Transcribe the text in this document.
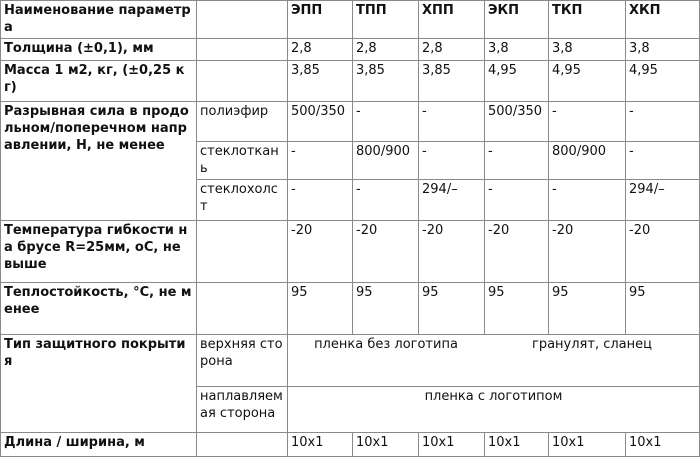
Наименование параметра		ЭПП	ТПП	ХПП	ЭКП	ТКП	ХКП
Толщина (±0,1), мм		2,8	2,8	2,8	3,8	3,8	3,8
Масса 1 м2, кг, (±0,25 кг)		3,85	3,85	3,85	4,95	4,95	4,95
Разрывная сила в продольном/поперечном направлении, Н, не менее	полиэфир	500/350	-	-	500/350	-	-
	стеклоткань	-	800/900	-	-	800/900	-
	стеклохолст	-	-	294/–	-	-	294/–
Температура гибкости на брусе R=25мм, оС, не выше		-20	-20	-20	-20	-20	-20
Теплостойкость, °С, не менее		95	95	95	95	95	95
Тип защитного покрытия	верхняя сторона	пленка без логотипа			гранулят, сланец		
	наплавляемая сторона	пленка с логотипом					
Длина / ширина, м		10x1	10x1	10x1	10x1	10x1	10x1
